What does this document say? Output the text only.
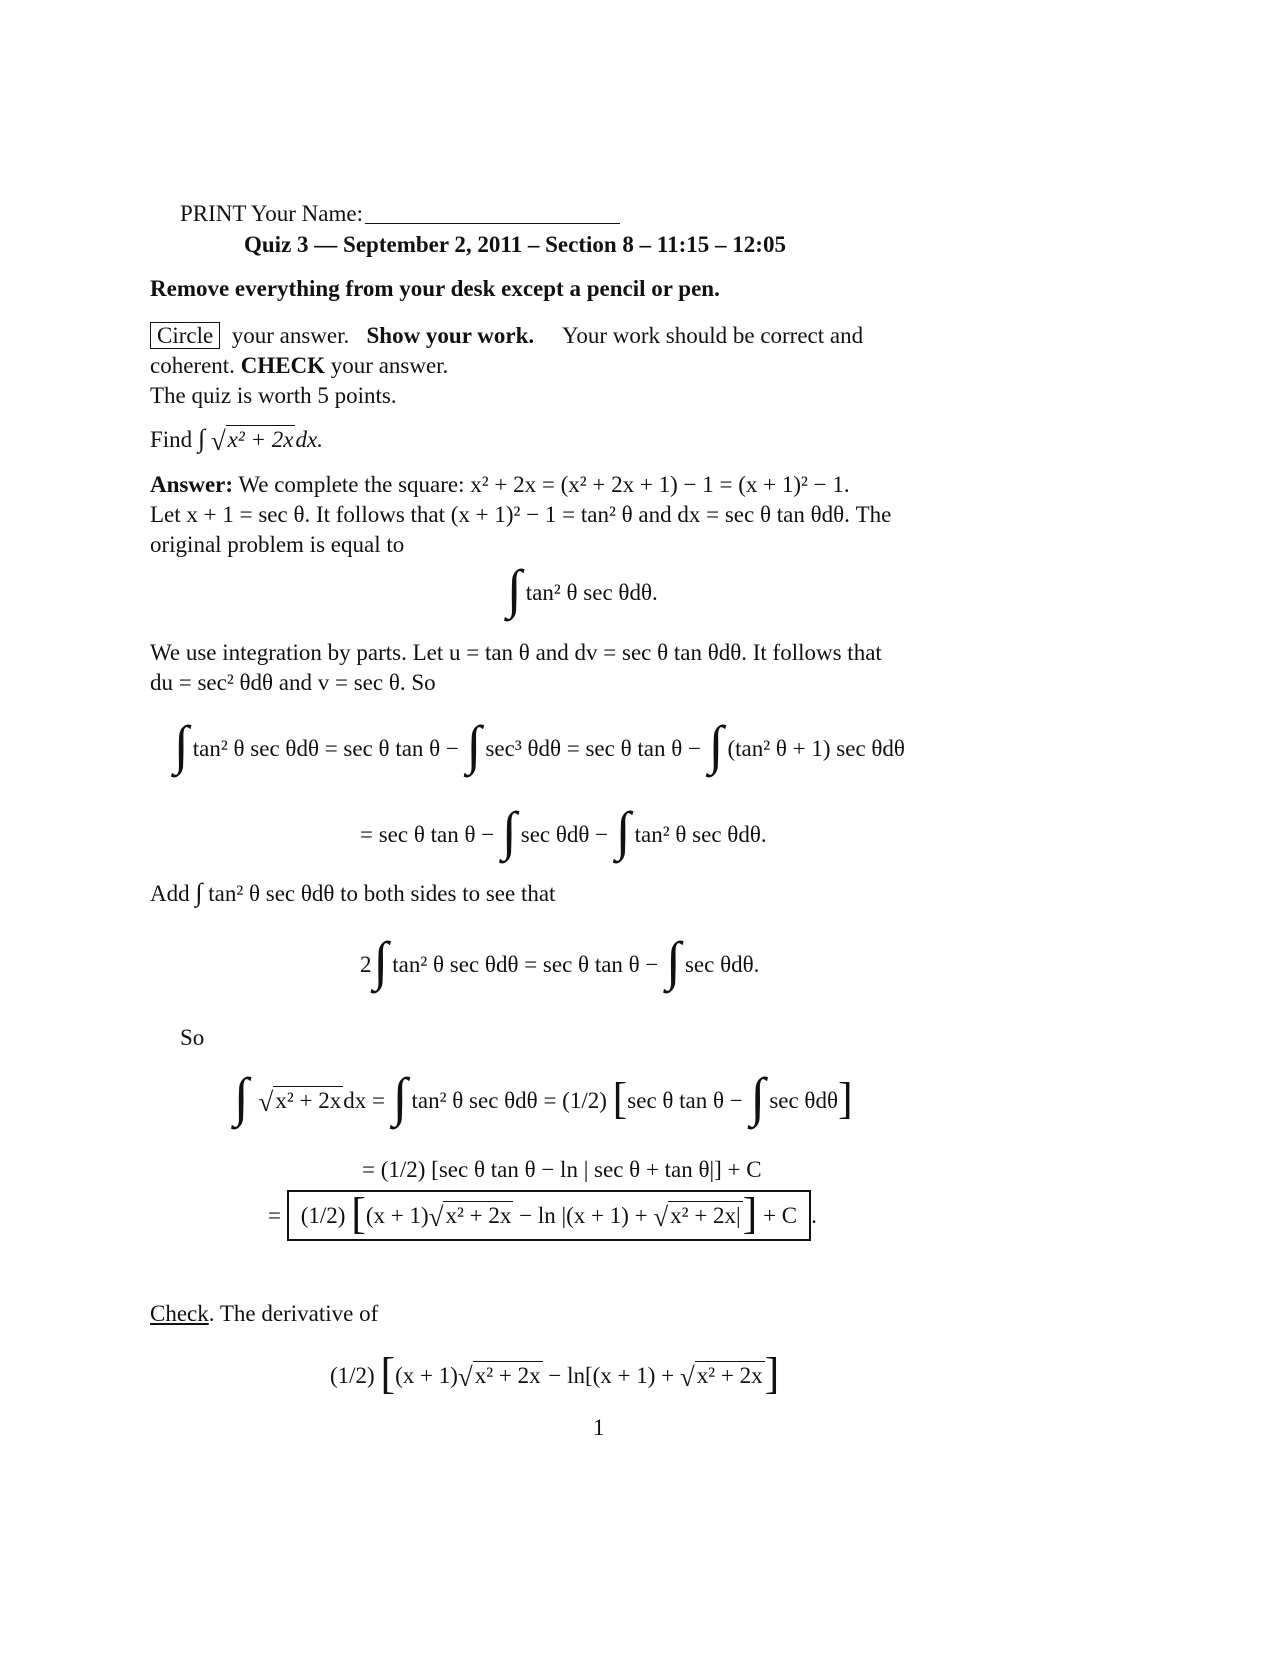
PRINT Your Name:
Quiz 3 — September 2, 2011 – Section 8 – 11:15 – 12:05
Remove everything from your desk except a pencil or pen.
Circle your answer. Show your work. Your work should be correct and
coherent. CHECK your answer.
The quiz is worth 5 points.
Find ∫ √x² + 2xdx.
Answer: We complete the square: x² + 2x = (x² + 2x + 1) − 1 = (x + 1)² − 1.
Let x + 1 = sec θ. It follows that (x + 1)² − 1 = tan² θ and dx = sec θ tan θdθ. The
original problem is equal to
∫ tan² θ sec θdθ.
We use integration by parts. Let u = tan θ and dv = sec θ tan θdθ. It follows that
du = sec² θdθ and v = sec θ. So
∫ tan² θ sec θdθ = sec θ tan θ − ∫ sec³ θdθ = sec θ tan θ − ∫ (tan² θ + 1) sec θdθ
= sec θ tan θ − ∫ sec θdθ − ∫ tan² θ sec θdθ.
Add ∫ tan² θ sec θdθ to both sides to see that
2∫ tan² θ sec θdθ = sec θ tan θ − ∫ sec θdθ.
So
∫ √x² + 2xdx = ∫ tan² θ sec θdθ = (1/2) [sec θ tan θ − ∫ sec θdθ]
= (1/2) [sec θ tan θ − ln | sec θ + tan θ|] + C
= (1/2) [(x + 1)√x² + 2x − ln |(x + 1) + √x² + 2x|] + C .
Check. The derivative of
(1/2) [(x + 1)√x² + 2x − ln[(x + 1) + √x² + 2x]
1
